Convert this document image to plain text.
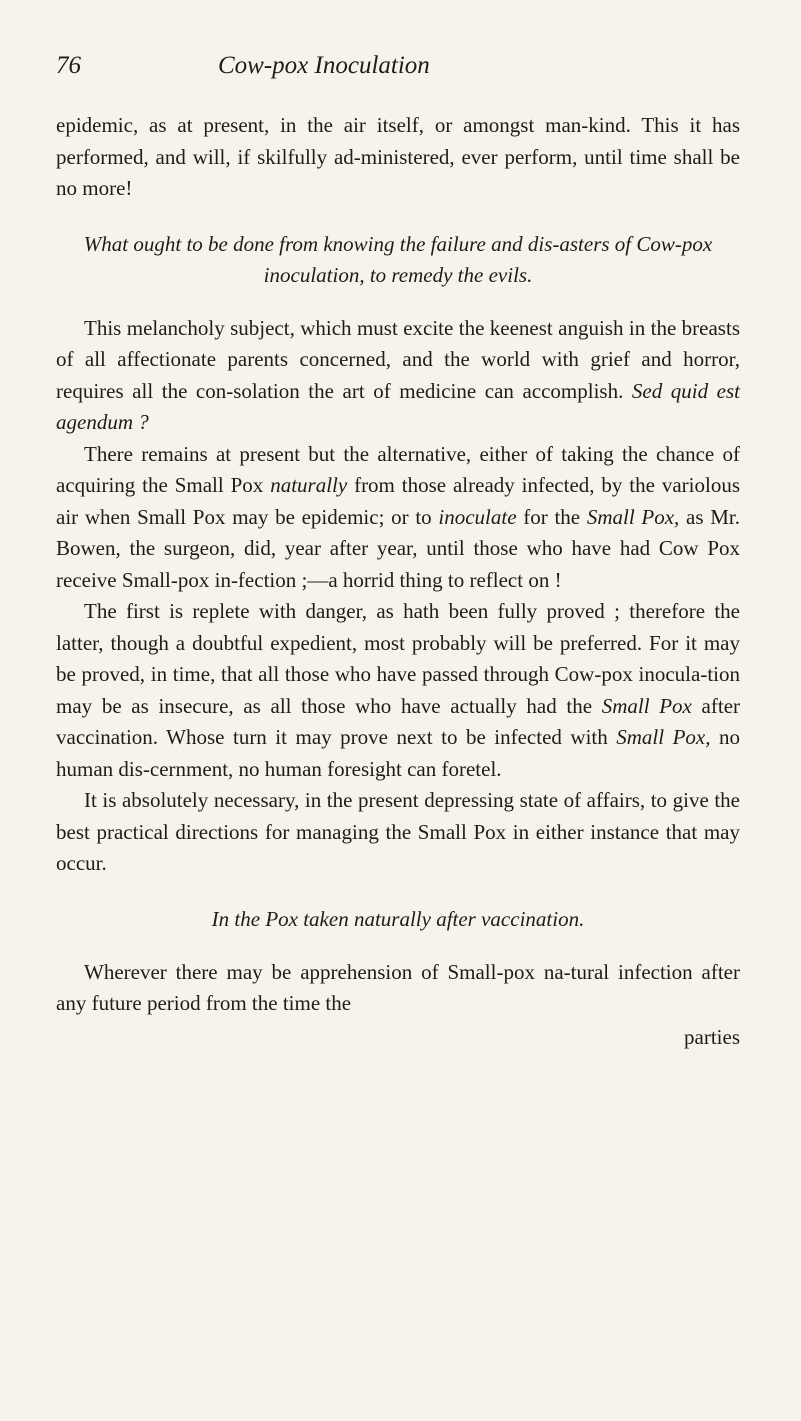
76	Cow-pox Inoculation

epidemic, as at present, in the air itself, or amongst man-kind. This it has performed, and will, if skilfully ad-ministered, ever perform, until time shall be no more!

What ought to be done from knowing the failure and dis-asters of Cow-pox inoculation, to remedy the evils.

This melancholy subject, which must excite the keenest anguish in the breasts of all affectionate parents concerned, and the world with grief and horror, requires all the con-solation the art of medicine can accomplish. Sed quid est agendum ?

There remains at present but the alternative, either of taking the chance of acquiring the Small Pox naturally from those already infected, by the variolous air when Small Pox may be epidemic; or to inoculate for the Small Pox, as Mr. Bowen, the surgeon, did, year after year, until those who have had Cow Pox receive Small-pox in-fection ;—a horrid thing to reflect on !

The first is replete with danger, as hath been fully proved ; therefore the latter, though a doubtful expedient, most probably will be preferred. For it may be proved, in time, that all those who have passed through Cow-pox inocula-tion may be as insecure, as all those who have actually had the Small Pox after vaccination. Whose turn it may prove next to be infected with Small Pox, no human dis-cernment, no human foresight can foretel.

It is absolutely necessary, in the present depressing state of affairs, to give the best practical directions for managing the Small Pox in either instance that may occur.

In the Pox taken naturally after vaccination.

Wherever there may be apprehension of Small-pox na-tural infection after any future period from the time the

parties
